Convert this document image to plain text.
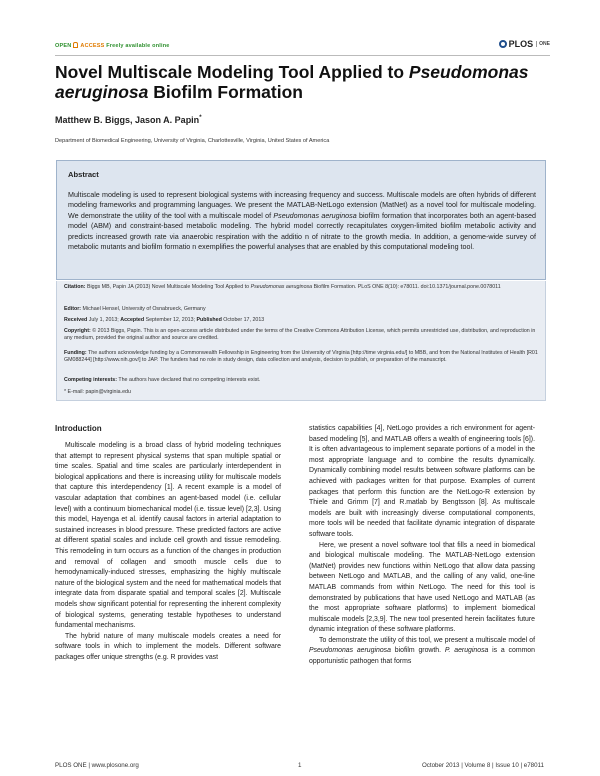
OPEN ACCESS Freely available online	PLOS	ONE
Novel Multiscale Modeling Tool Applied to Pseudomonas aeruginosa Biofilm Formation
Matthew B. Biggs, Jason A. Papin*
Department of Biomedical Engineering, University of Virginia, Charlottesville, Virginia, United States of America
Abstract
Multiscale modeling is used to represent biological systems with increasing frequency and success. Multiscale models are often hybrids of different modeling frameworks and programming languages. We present the MATLAB-NetLogo extension (MatNet) as a novel tool for multiscale modeling. We demonstrate the utility of the tool with a multiscale model of Pseudomonas aeruginosa biofilm formation that incorporates both an agent-based model (ABM) and constraint-based metabolic modeling. The hybrid model correctly recapitulates oxygen-limited biofilm metabolic activity and predicts increased growth rate via anaerobic respiration with the additio n of nitrate to the growth media. In addition, a genome-wide survey of metabolic mutants and biofilm formatio n exemplifies the powerful analyses that are enabled by this computational modeling tool.
Citation: Biggs MB, Papin JA (2013) Novel Multiscale Modeling Tool Applied to Pseudomonas aeruginosa Biofilm Formation. PLoS ONE 8(10): e78011. doi:10.1371/journal.pone.0078011
Editor: Michael Hensel, University of Osnabrueck, Germany
Received July 1, 2013; Accepted September 12, 2013; Published October 17, 2013
Copyright: © 2013 Biggs, Papin. This is an open-access article distributed under the terms of the Creative Commons Attribution License, which permits unrestricted use, distribution, and reproduction in any medium, provided the original author and source are credited.
Funding: The authors acknowledge funding by a Commonwealth Fellowship in Engineering from the University of Virginia [http://time virginia.edu/] to MBB, and from the National Institutes of Health [R01 GM088244] [http://www.nih.gov/] to JAP. The funders had no role in study design, data collection and analysis, decision to publish, or preparation of the manuscript.
Competing interests: The authors have declared that no competing interests exist.
* E-mail: papin@virginia.edu
Introduction

Multiscale modeling is a broad class of hybrid modeling techniques that attempt to represent physical systems that span multiple spatial or time scales. Spatial and time scales are particularly interdependent in biological applications and there is increasing utility for multiscale models that capture this interdependency [1]. A recent example is a model of vascular adaptation that combines an agent-based model (i.e. cellular level) with a continuum biomechanical model (i.e. tissue level) [2,3]. Using this model, Hayenga et al. identify causal factors in arterial adaptation to sustained increases in blood pressure. These predicted factors are active at different spatial scales and include cell growth and tissue remodeling. This remodeling in turn occurs as a function of the changes in production and removal of collagen and smooth muscle cells due to hemodynamically-induced stresses, emphasizing the highly multiscale nature of the biological system and the need for mathematical models that integrate data from disparate spatial and temporal scales [2]. Multiscale models show significant potential for representing the inherent complexity of biological systems, generating testable hypotheses to understand fundamental mechanisms.

The hybrid nature of many multiscale models creates a need for software tools in which to implement the models. Different software packages offer unique strengths (e.g. R provides vast

statistics capabilities [4], NetLogo provides a rich environment for agent-based modeling [5], and MATLAB offers a wealth of engineering tools [6]). It is often advantageous to implement separate portions of a model in the most appropriate language and to combine the results dynamically. Dynamically combining model results between software platforms can be achieved with packages written for that purpose. Examples of current packages that perform this function are the NetLogo-R extension by Thiele and Grimm [7] and R.matlab by Bengtsson [8]. As multiscale models are built with increasingly diverse computational components, more tools will be needed that facilitate dynamic integration of disparate software tools.

Here, we present a novel software tool that fills a need in biomedical and biological multiscale modeling. The MATLAB-NetLogo extension (MatNet) provides new functions within NetLogo that allow data passing between NetLogo and MATLAB, and the calling of any valid, one-line MATLAB commands from within NetLogo. The need for this tool is demonstrated by publications that have used NetLogo and MATLAB (as the most appropriate software platforms) to implement biomedical multiscale models [2,3,9]. The new tool presented herein facilitates future dynamic integration of these software platforms.

To demonstrate the utility of this tool, we present a multiscale model of Pseudomonas aeruginosa biofilm growth. P. aeruginosa is a common opportunistic pathogen that forms

PLOS ONE | www.plosone.org	1	October 2013 | Volume 8 | Issue 10 | e78011
